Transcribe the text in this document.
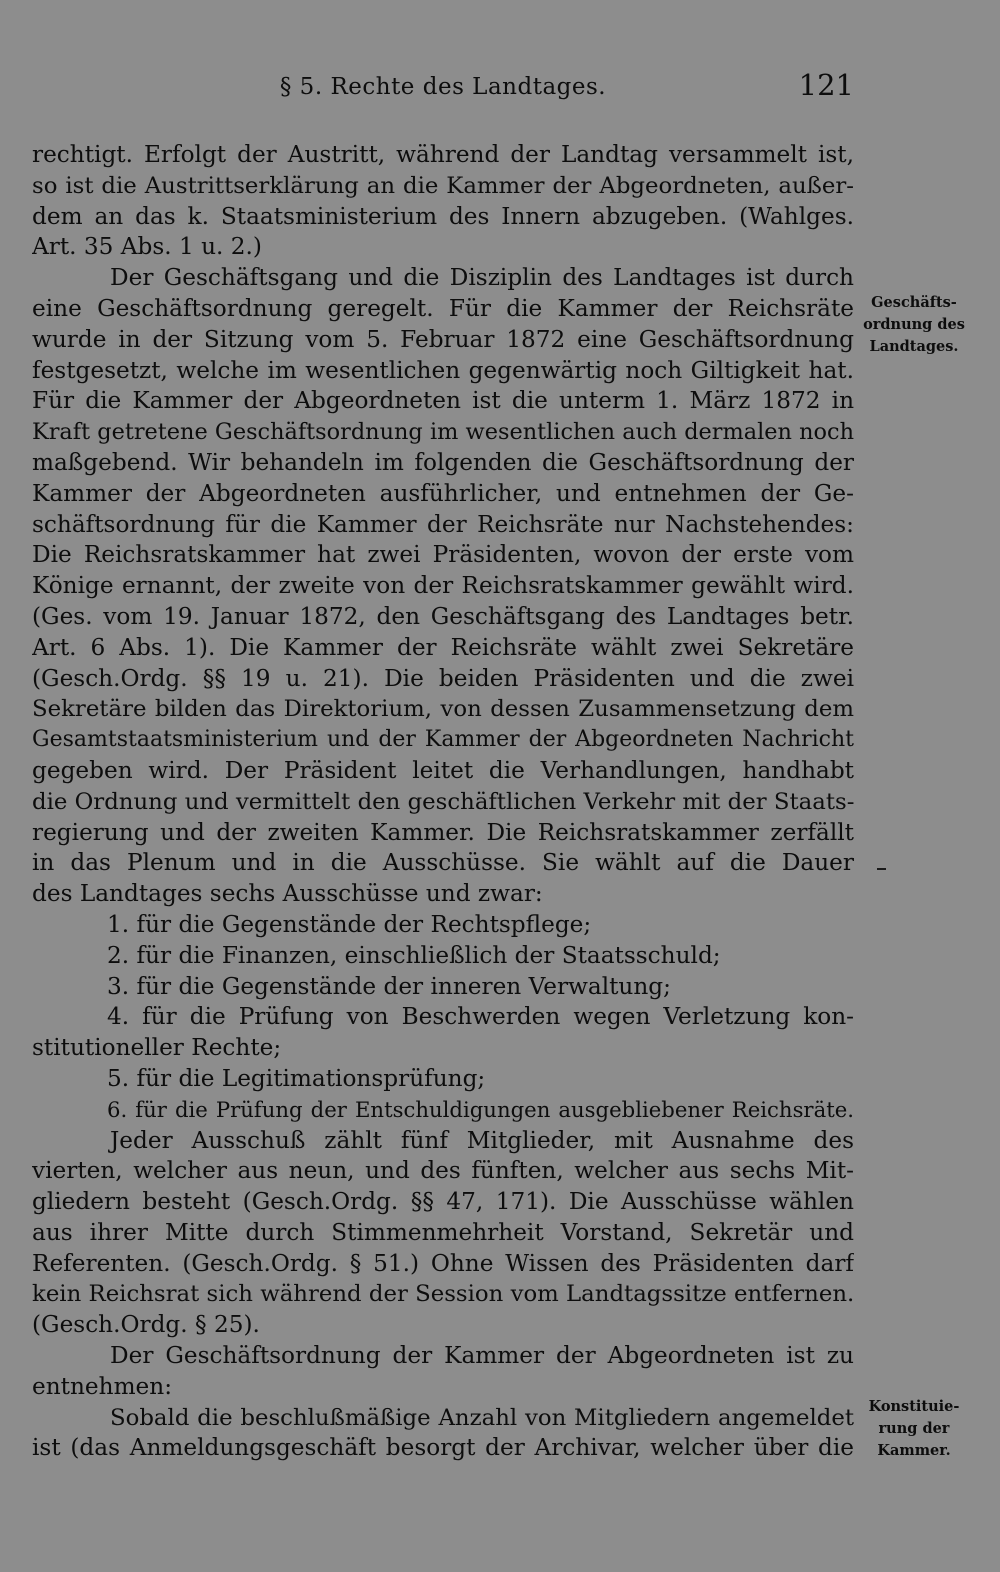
§ 5. Rechte des Landtages.	121
rechtigt. Erfolgt der Austritt, während der Landtag versammelt ist,
so ist die Austrittserklärung an die Kammer der Abgeordneten, außer-
dem an das k. Staatsministerium des Innern abzugeben. (Wahlges.
Art. 35 Abs. 1 u. 2.)
Der Geschäftsgang und die Disziplin des Landtages ist durch
eine Geschäftsordnung geregelt. Für die Kammer der Reichsräte
wurde in der Sitzung vom 5. Februar 1872 eine Geschäftsordnung
festgesetzt, welche im wesentlichen gegenwärtig noch Giltigkeit hat.
Für die Kammer der Abgeordneten ist die unterm 1. März 1872 in
Kraft getretene Geschäftsordnung im wesentlichen auch dermalen noch
maßgebend. Wir behandeln im folgenden die Geschäftsordnung der
Kammer der Abgeordneten ausführlicher, und entnehmen der Ge-
schäftsordnung für die Kammer der Reichsräte nur Nachstehendes:
Die Reichsratskammer hat zwei Präsidenten, wovon der erste vom
Könige ernannt, der zweite von der Reichsratskammer gewählt wird.
(Ges. vom 19. Januar 1872, den Geschäftsgang des Landtages betr.
Art. 6 Abs. 1). Die Kammer der Reichsräte wählt zwei Sekretäre
(Gesch.Ordg. §§ 19 u. 21). Die beiden Präsidenten und die zwei
Sekretäre bilden das Direktorium, von dessen Zusammensetzung dem
Gesamtstaatsministerium und der Kammer der Abgeordneten Nachricht
gegeben wird. Der Präsident leitet die Verhandlungen, handhabt
die Ordnung und vermittelt den geschäftlichen Verkehr mit der Staats-
regierung und der zweiten Kammer. Die Reichsratskammer zerfällt
in das Plenum und in die Ausschüsse. Sie wählt auf die Dauer
des Landtages sechs Ausschüsse und zwar:
1. für die Gegenstände der Rechtspflege;
2. für die Finanzen, einschließlich der Staatsschuld;
3. für die Gegenstände der inneren Verwaltung;
4. für die Prüfung von Beschwerden wegen Verletzung kon-
stitutioneller Rechte;
5. für die Legitimationsprüfung;
6. für die Prüfung der Entschuldigungen ausgebliebener Reichsräte.
Jeder Ausschuß zählt fünf Mitglieder, mit Ausnahme des
vierten, welcher aus neun, und des fünften, welcher aus sechs Mit-
gliedern besteht (Gesch.Ordg. §§ 47, 171). Die Ausschüsse wählen
aus ihrer Mitte durch Stimmenmehrheit Vorstand, Sekretär und
Referenten. (Gesch.Ordg. § 51.) Ohne Wissen des Präsidenten darf
kein Reichsrat sich während der Session vom Landtagssitze entfernen.
(Gesch.Ordg. § 25).
Der Geschäftsordnung der Kammer der Abgeordneten ist zu
entnehmen:
Sobald die beschlußmäßige Anzahl von Mitgliedern angemeldet
ist (das Anmeldungsgeschäft besorgt der Archivar, welcher über die
Geschäfts-
ordnung des
Landtages.
Konstituie-
rung der
Kammer.
